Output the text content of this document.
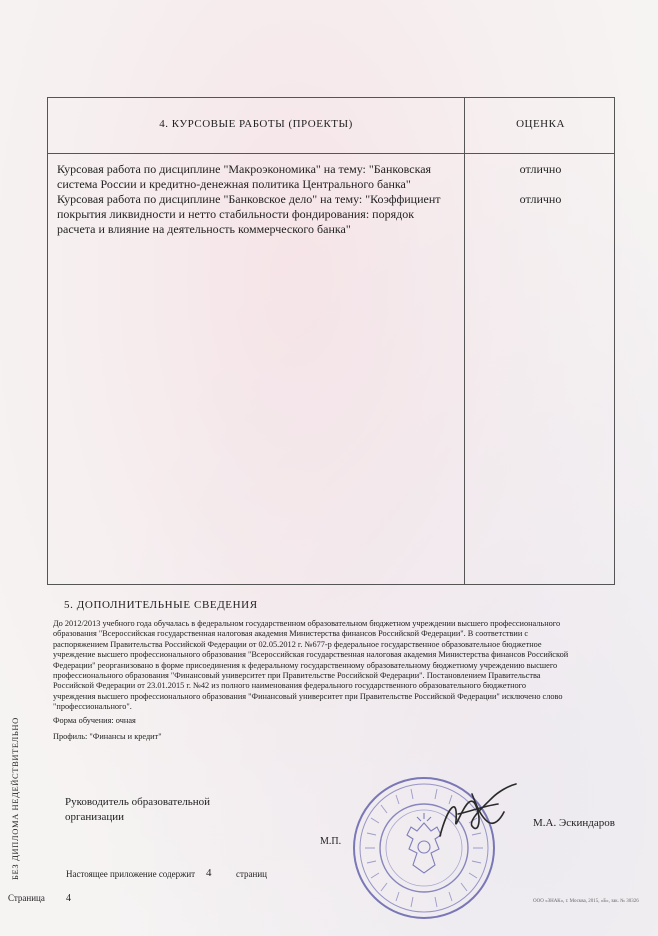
4. КУРСОВЫЕ РАБОТЫ (ПРОЕКТЫ)	ОЦЕНКА
Курсовая работа по дисциплине "Макроэкономика" на тему: "Банковская
система России и кредитно-денежная политика Центрального банка"
отлично
Курсовая работа по дисциплине "Банковское дело" на тему: "Коэффициент
покрытия ликвидности и нетто стабильности фондирования: порядок
расчета и влияние на деятельность коммерческого банка"
отлично
5. ДОПОЛНИТЕЛЬНЫЕ СВЕДЕНИЯ
До 2012/2013 учебного года обучалась в федеральном государственном образовательном бюджетном учреждении высшего профессионального
образования "Всероссийская государственная налоговая академия Министерства финансов Российской Федерации". В соответствии с
распоряжением Правительства Российской Федерации от 02.05.2012 г. №677-р федеральное государственное образовательное бюджетное
учреждение высшего профессионального образования "Всероссийская государственная налоговая академия Министерства финансов Российской
Федерации" реорганизовано в форме присоединения к федеральному государственному образовательному бюджетному учреждению высшего
профессионального образования "Финансовый университет при Правительстве Российской Федерации". Постановлением Правительства
Российской Федерации от 23.01.2015 г. №42 из полного наименования федерального государственного образовательного бюджетного
учреждения высшего профессионального образования "Финансовый университет при Правительстве Российской Федерации" исключено слово
"профессионального".
Форма обучения: очная
Профиль: "Финансы и кредит"
Руководитель образовательной
организации
М.П.
М.А. Эскиндаров
Настоящее приложение содержит 4	страниц
Страница 4
БЕЗ ДИПЛОМА НЕДЕЙСТВИТЕЛЬНО
ООО «ЗНАК», г. Москва, 2015, «Б», зак. № 30326
